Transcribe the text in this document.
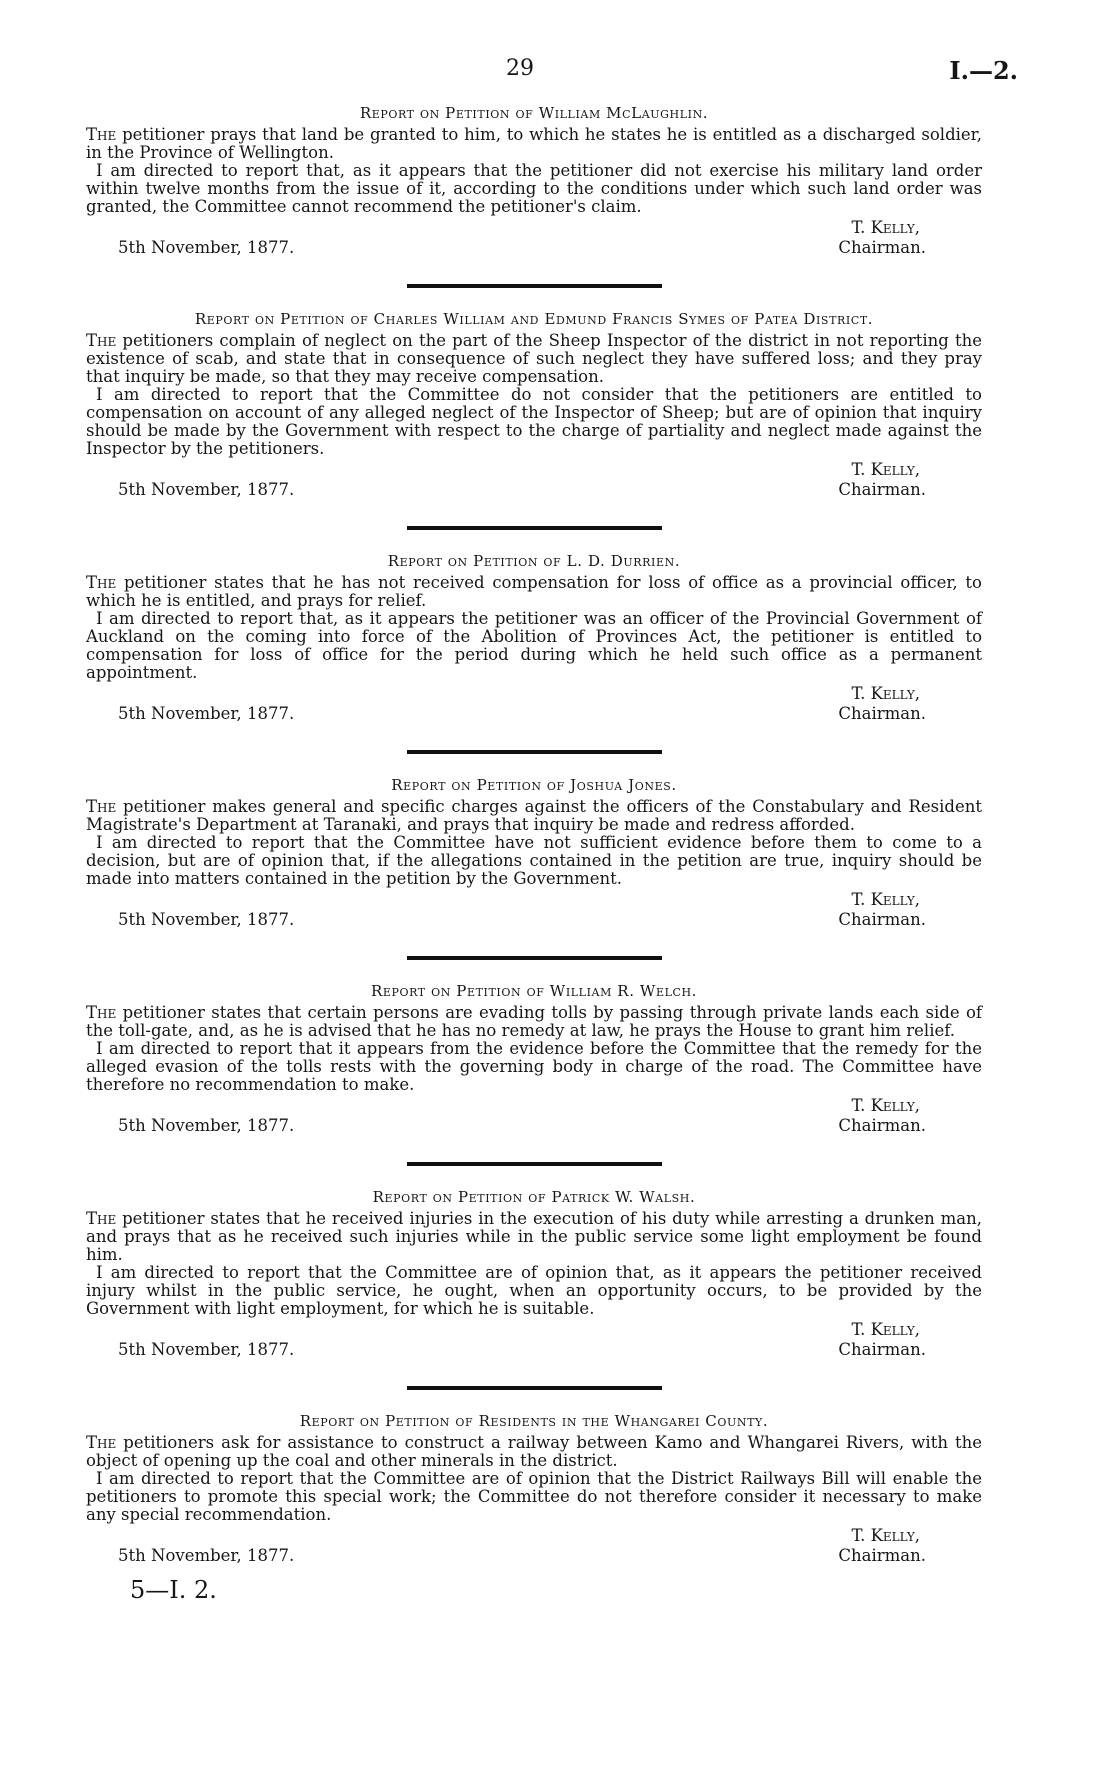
29	I.—2.
Report on Petition of William McLaughlin.

The petitioner prays that land be granted to him, to which he states he is entitled as a discharged soldier, in the Province of Wellington.

I am directed to report that, as it appears that the petitioner did not exercise his military land order within twelve months from the issue of it, according to the conditions under which such land order was granted, the Committee cannot recommend the petitioner's claim.

T. Kelly,
5th November, 1877.	Chairman.
Report on Petition of Charles William and Edmund Francis Symes of Patea District.

The petitioners complain of neglect on the part of the Sheep Inspector of the district in not reporting the existence of scab, and state that in consequence of such neglect they have suffered loss; and they pray that inquiry be made, so that they may receive compensation.

I am directed to report that the Committee do not consider that the petitioners are entitled to compensation on account of any alleged neglect of the Inspector of Sheep; but are of opinion that inquiry should be made by the Government with respect to the charge of partiality and neglect made against the Inspector by the petitioners.

T. Kelly,
5th November, 1877.	Chairman.
Report on Petition of L. D. Durrien.

The petitioner states that he has not received compensation for loss of office as a provincial officer, to which he is entitled, and prays for relief.

I am directed to report that, as it appears the petitioner was an officer of the Provincial Government of Auckland on the coming into force of the Abolition of Provinces Act, the petitioner is entitled to compensation for loss of office for the period during which he held such office as a permanent appointment.

T. Kelly,
5th November, 1877.	Chairman.
Report on Petition of Joshua Jones.

The petitioner makes general and specific charges against the officers of the Constabulary and Resident Magistrate's Department at Taranaki, and prays that inquiry be made and redress afforded.

I am directed to report that the Committee have not sufficient evidence before them to come to a decision, but are of opinion that, if the allegations contained in the petition are true, inquiry should be made into matters contained in the petition by the Government.

T. Kelly,
5th November, 1877.	Chairman.
Report on Petition of William R. Welch.

The petitioner states that certain persons are evading tolls by passing through private lands each side of the toll-gate, and, as he is advised that he has no remedy at law, he prays the House to grant him relief.

I am directed to report that it appears from the evidence before the Committee that the remedy for the alleged evasion of the tolls rests with the governing body in charge of the road. The Committee have therefore no recommendation to make.

T. Kelly,
5th November, 1877.	Chairman.
Report on Petition of Patrick W. Walsh.

The petitioner states that he received injuries in the execution of his duty while arresting a drunken man, and prays that as he received such injuries while in the public service some light employment be found him.

I am directed to report that the Committee are of opinion that, as it appears the petitioner received injury whilst in the public service, he ought, when an opportunity occurs, to be provided by the Government with light employment, for which he is suitable.

T. Kelly,
5th November, 1877.	Chairman.
Report on Petition of Residents in the Whangarei County.

The petitioners ask for assistance to construct a railway between Kamo and Whangarei Rivers, with the object of opening up the coal and other minerals in the district.

I am directed to report that the Committee are of opinion that the District Railways Bill will enable the petitioners to promote this special work; the Committee do not therefore consider it necessary to make any special recommendation.

T. Kelly,
5th November, 1877.	Chairman.
5—I. 2.
